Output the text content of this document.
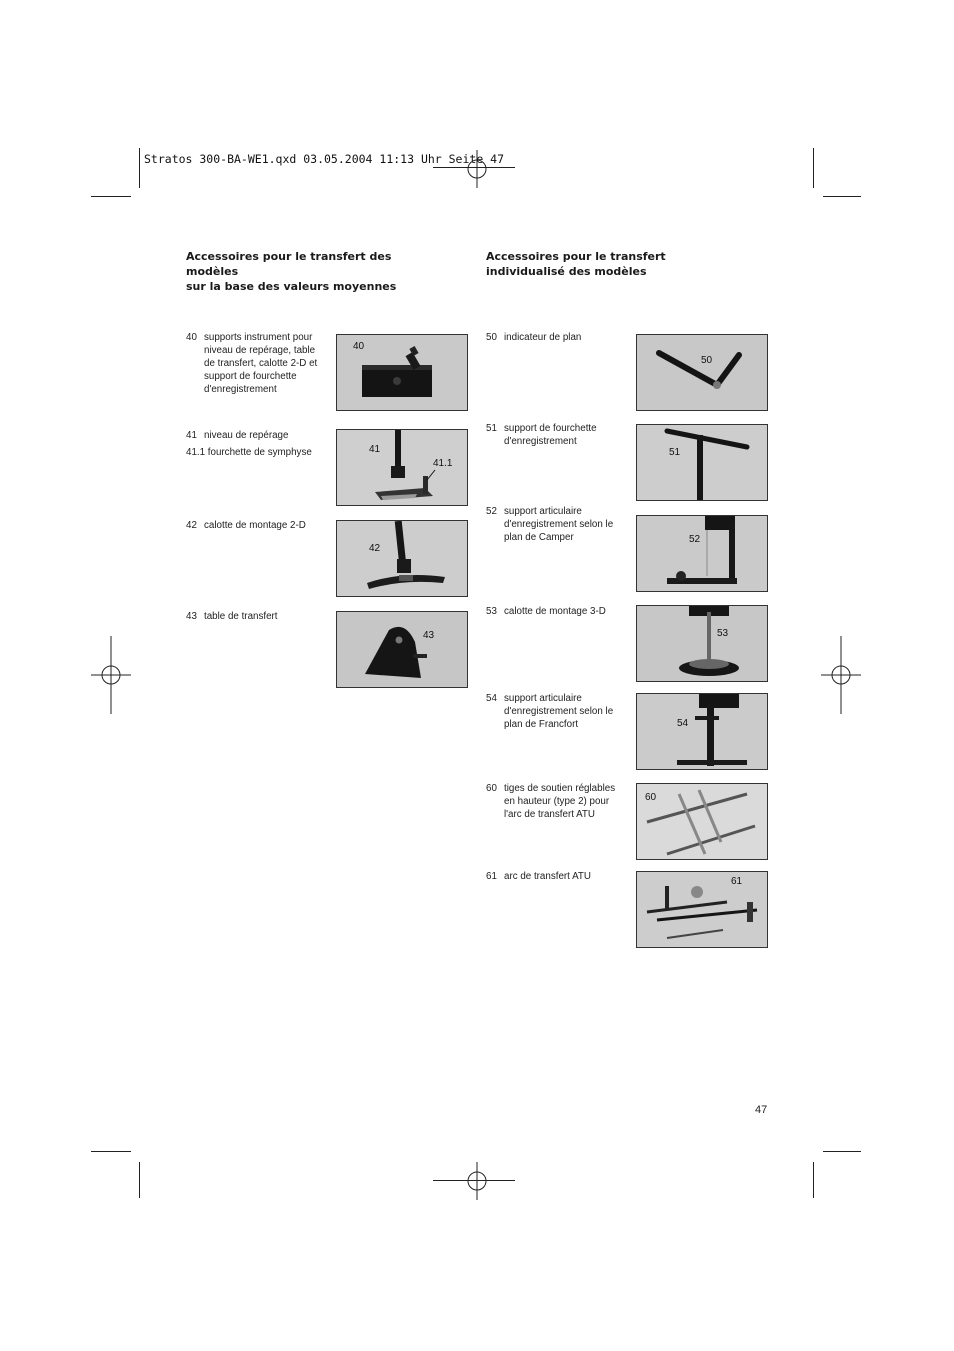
Stratos 300-BA-WE1.qxd 03.05.2004 11:13 Uhr Seite 47
Accessoires pour le transfert des modèles
sur la base des valeurs moyennes
Accessoires pour le transfert
individualisé des modèles
40 supports instrument pour niveau de repérage, table de transfert, calotte 2-D et support de fourchette d'enregistrement
40
41 niveau de repérage
41.1 fourchette de symphyse	41
41.1
42 calotte de montage 2-D
42
43 table de transfert
43
50 indicateur de plan
50
51 support de fourchette d'enregistrement
51
52 support articulaire d'enregistrement selon le plan de Camper	52
53 calotte de montage 3-D
53
54 support articulaire d'enregistrement selon le plan de Francfort	54
60 tiges de soutien réglables en hauteur (type 2) pour l'arc de transfert ATU
60
61 arc de transfert ATU	61
47
